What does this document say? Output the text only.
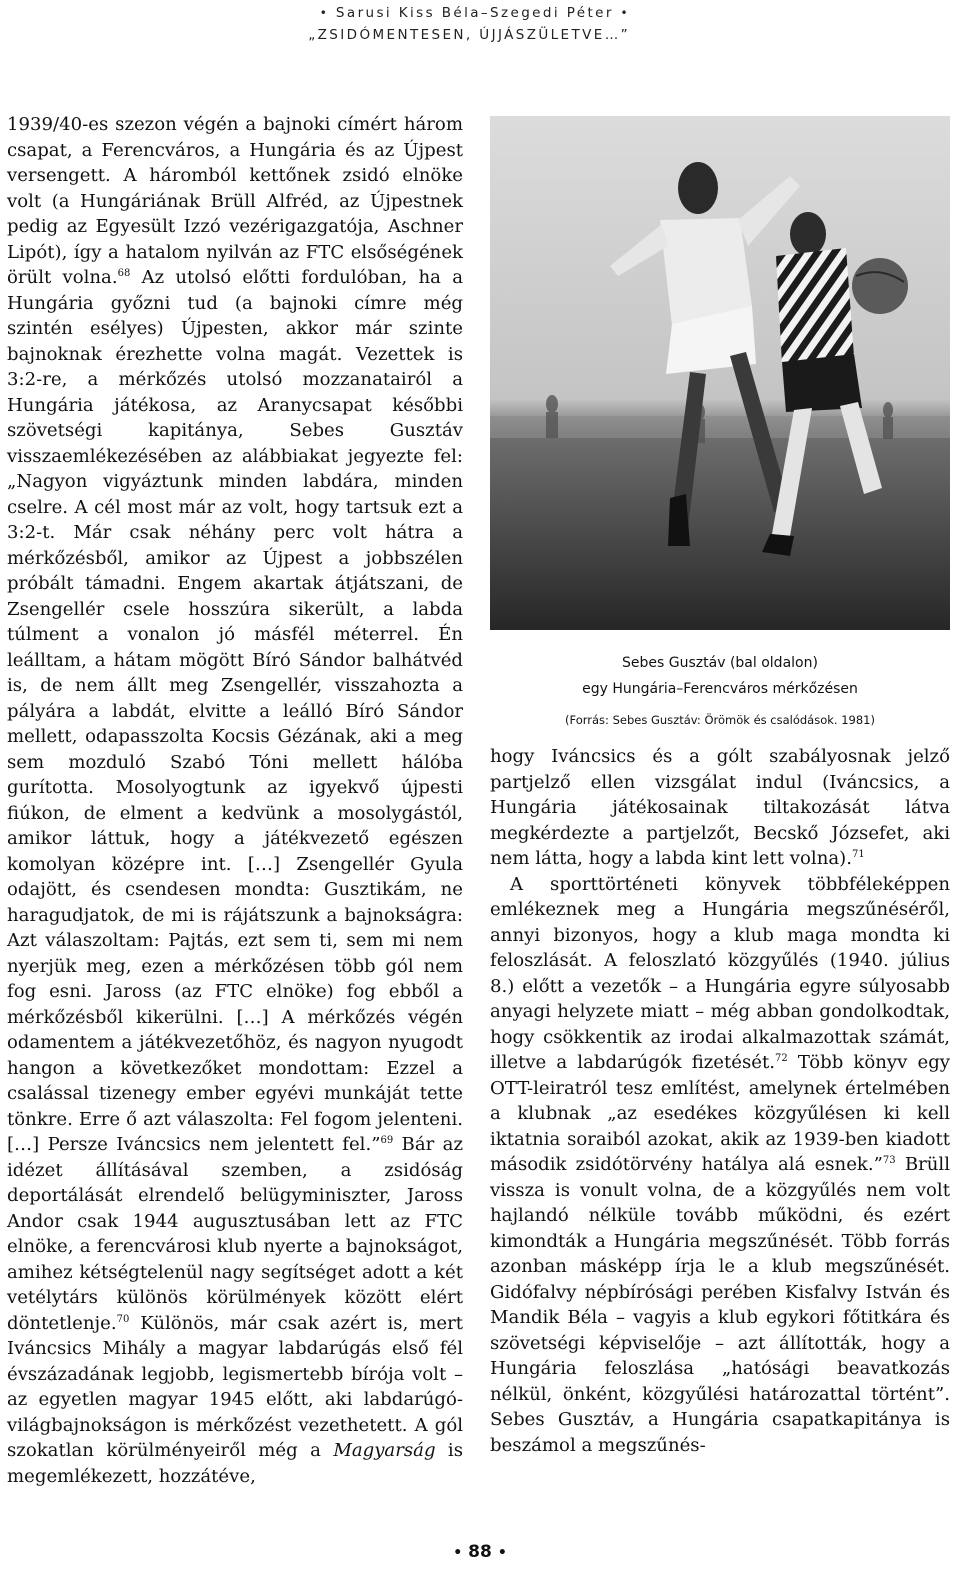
• Sarusi Kiss Béla–Szegedi Péter •
„ZSIDÓMENTESEN, ÚJJÁSZÜLETVE…”

1939/40-es szezon végén a bajnoki címért három csapat, a Ferencváros, a Hungária és az Újpest versengett. A háromból kettőnek zsidó elnöke volt (a Hungáriának Brüll Alfréd, az Újpestnek pedig az Egyesült Izzó vezérigazgatója, Aschner Lipót), így a hatalom nyilván az FTC elsőségének örült volna.$^{68}$ Az utolsó előtti fordulóban, ha a Hungária győzni tud (a bajnoki címre még szintén esélyes) Újpesten, akkor már szinte bajnoknak érezhette volna magát. Vezettek is 3:2-re, a mérkőzés utolsó mozzanatairól a Hungária játékosa, az Aranycsapat későbbi szövetségi kapitánya, Sebes Gusztáv visszaemlékezésében az alábbiakat jegyezte fel: „Nagyon vigyáztunk minden labdára, minden cselre. A cél most már az volt, hogy tartsuk ezt a 3:2-t. Már csak néhány perc volt hátra a mérkőzésből, amikor az Újpest a jobbszélen próbált támadni. Engem akartak átjátszani, de Zsengellér csele hosszúra sikerült, a labda túlment a vonalon jó másfél méterrel. Én leálltam, a hátam mögött Bíró Sándor balhátvéd is, de nem állt meg Zsengellér, visszahozta a pályára a labdát, elvitte a leálló Bíró Sándor mellett, odapasszolta Kocsis Gézának, aki a meg sem mozduló Szabó Tóni mellett hálóba gurította. Mosolyogtunk az igyekvő újpesti fiúkon, de elment a kedvünk a mosolygástól, amikor láttuk, hogy a játékvezető egészen komolyan középre int. […] Zsengellér Gyula odajött, és csendesen mondta: Gusztikám, ne haragudjatok, de mi is rájátszunk a bajnokságra: Azt válaszoltam: Pajtás, ezt sem ti, sem mi nem nyerjük meg, ezen a mérkőzésen több gól nem fog esni. Jaross (az FTC elnöke) fog ebből a mérkőzésből kikerülni. […] A mérkőzés végén odamentem a játékvezetőhöz, és nagyon nyugodt hangon a következőket mondottam: Ezzel a csalással tizenegy ember egyévi munkáját tette tönkre. Erre ő azt válaszolta: Fel fogom jelenteni. […] Persze Iváncsics nem jelentett fel.”$^{69}$ Bár az idézet állításával szemben, a zsidóság deportálását elrendelő belügyminiszter, Jaross Andor csak 1944 augusztusában lett az FTC elnöke, a ferencvárosi klub nyerte a bajnokságot, amihez kétségtelenül nagy segítséget adott a két vetélytárs különös körülmények között elért döntetlenje.$^{70}$ Különös, már csak azért is, mert Iváncsics Mihály a magyar labdarúgás első fél évszázadának legjobb, legismertebb bírója volt – az egyetlen magyar 1945 előtt, aki labdarúgó-világbajnokságon is mérkőzést vezethetett. A gól szokatlan körülményeiről még a Magyarság is megemlékezett, hozzátéve,

Sebes Gusztáv (bal oldalon)
egy Hungária–Ferencváros mérkőzésen
(Forrás: Sebes Gusztáv: Örömök és csalódások. 1981)

hogy Iváncsics és a gólt szabályosnak jelző partjelző ellen vizsgálat indul (Iváncsics, a Hungária játékosainak tiltakozását látva megkérdezte a partjelzőt, Becskő Józsefet, aki nem látta, hogy a labda kint lett volna).$^{71}$

A sporttörténeti könyvek többféleképpen emlékeznek meg a Hungária megszűnéséről, annyi bizonyos, hogy a klub maga mondta ki feloszlását. A feloszlató közgyűlés (1940. július 8.) előtt a vezetők – a Hungária egyre súlyosabb anyagi helyzete miatt – még abban gondolkodtak, hogy csökkentik az irodai alkalmazottak számát, illetve a labdarúgók fizetését.$^{72}$ Több könyv egy OTT-leiratról tesz említést, amelynek értelmében a klubnak „az esedékes közgyűlésen ki kell iktatnia soraiból azokat, akik az 1939-ben kiadott második zsidótörvény hatálya alá esnek.”$^{73}$ Brüll vissza is vonult volna, de a közgyűlés nem volt hajlandó nélküle tovább működni, és ezért kimondták a Hungária megszűnését. Több forrás azonban másképp írja le a klub megszűnését. Gidófalvy népbírósági perében Kisfalvy István és Mandik Béla – vagyis a klub egykori főtitkára és szövetségi képviselője – azt állították, hogy a Hungária feloszlása „hatósági beavatkozás nélkül, önként, közgyűlési határozattal történt”. Sebes Gusztáv, a Hungária csapatkapitánya is beszámol a megszűnés-

• 88 •
